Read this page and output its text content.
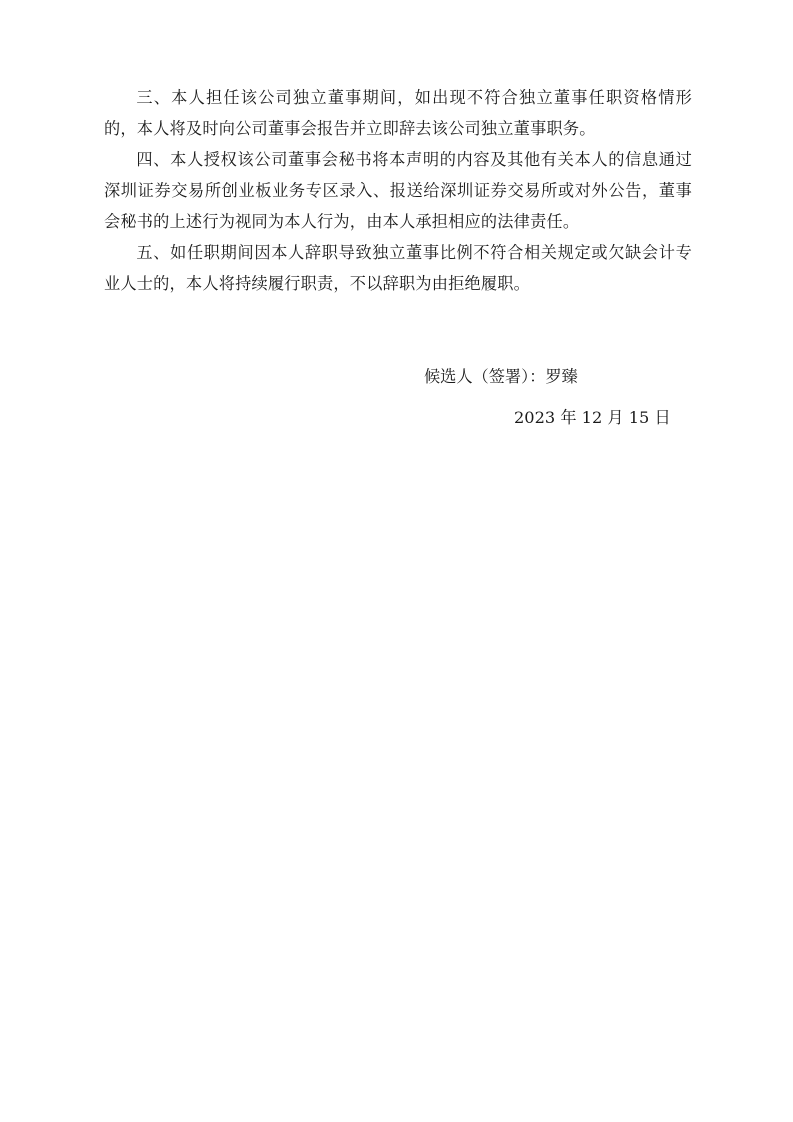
三、本人担任该公司独立董事期间，如出现不符合独立董事任职资格情形的，本人将及时向公司董事会报告并立即辞去该公司独立董事职务。

四、本人授权该公司董事会秘书将本声明的内容及其他有关本人的信息通过深圳证券交易所创业板业务专区录入、报送给深圳证券交易所或对外公告，董事会秘书的上述行为视同为本人行为，由本人承担相应的法律责任。

五、如任职期间因本人辞职导致独立董事比例不符合相关规定或欠缺会计专业人士的，本人将持续履行职责，不以辞职为由拒绝履职。

候选人（签署）：罗臻
2023 年 12 月 15 日
